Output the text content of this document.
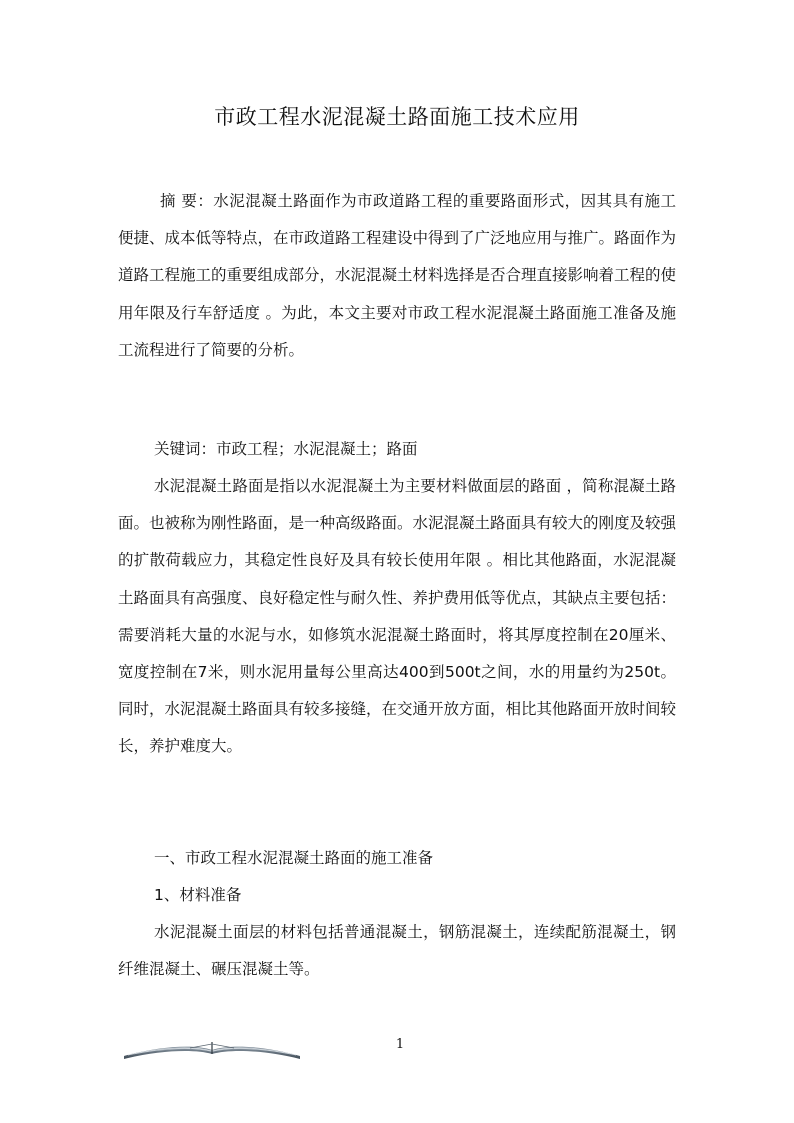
市政工程水泥混凝土路面施工技术应用

摘 要：水泥混凝土路面作为市政道路工程的重要路面形式，因其具有施工便捷、成本低等特点，在市政道路工程建设中得到了广泛地应用与推广。路面作为道路工程施工的重要组成部分，水泥混凝土材料选择是否合理直接影响着工程的使用年限及行车舒适度 。为此，本文主要对市政工程水泥混凝土路面施工准备及施工流程进行了简要的分析。

关键词：市政工程；水泥混凝土；路面

水泥混凝土路面是指以水泥混凝土为主要材料做面层的路面 ，简称混凝土路面。也被称为刚性路面，是一种高级路面。水泥混凝土路面具有较大的刚度及较强的扩散荷载应力，其稳定性良好及具有较长使用年限 。相比其他路面，水泥混凝土路面具有高强度、良好稳定性与耐久性、养护费用低等优点，其缺点主要包括：需要消耗大量的水泥与水，如修筑水泥混凝土路面时，将其厚度控制在20厘米、宽度控制在7米，则水泥用量每公里高达400到500t之间，水的用量约为250t。同时，水泥混凝土路面具有较多接缝，在交通开放方面，相比其他路面开放时间较长，养护难度大。

一、市政工程水泥混凝土路面的施工准备

1、材料准备

水泥混凝土面层的材料包括普通混凝土，钢筋混凝土，连续配筋混凝土，钢纤维混凝土、碾压混凝土等。

1
